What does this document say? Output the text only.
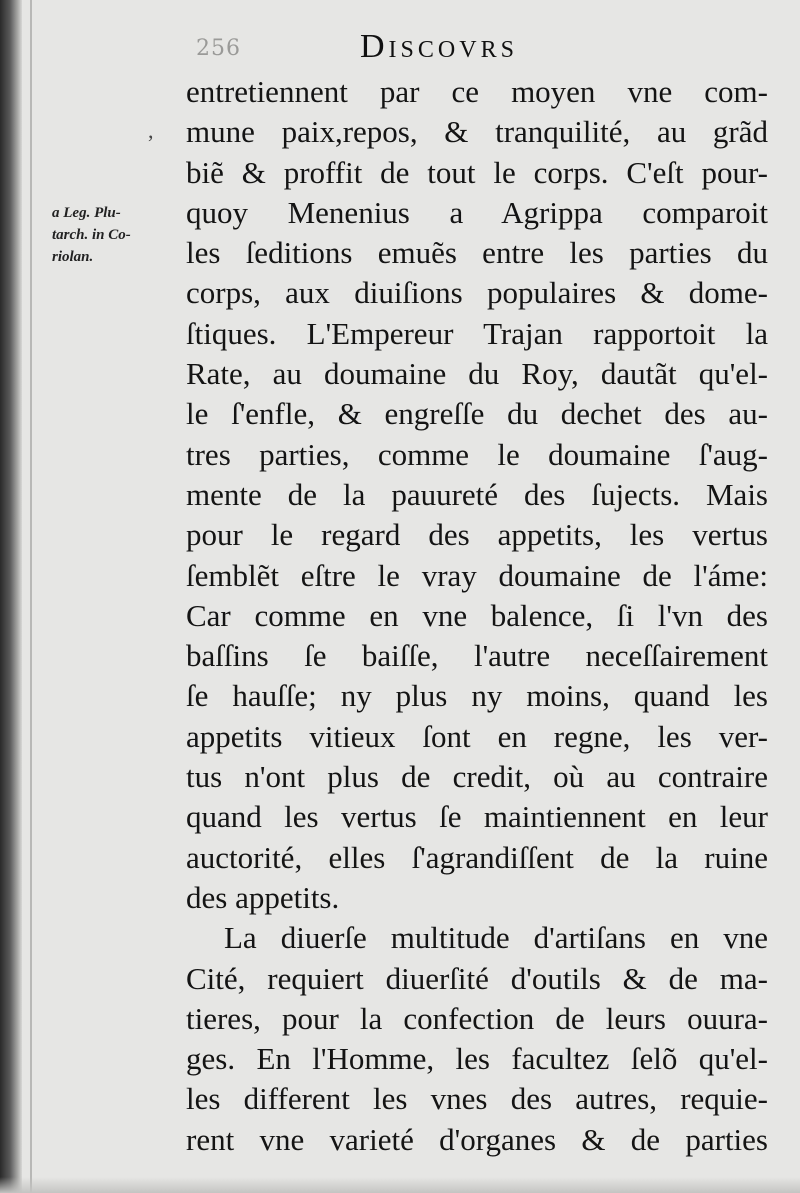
256	Discovrs
,
a Leg. Plu-
tarch. in Co-
riolan.
entretiennent par ce moyen vne com-
mune paix,repos, & tranquilité, au grãd
biẽ & proffit de tout le corps. C'eſt pour-
quoy Menenius a Agrippa comparoit
les ſeditions emuẽs entre les parties du
corps, aux diuiſions populaires & dome-
ſtiques. L'Empereur Trajan rapportoit la
Rate, au doumaine du Roy, dautãt qu'el-
le ſ'enfle, & engreſſe du dechet des au-
tres parties, comme le doumaine ſ'aug-
mente de la pauureté des ſujects. Mais
pour le regard des appetits, les vertus
ſemblẽt eſtre le vray doumaine de l'áme:
Car comme en vne balence, ſi l'vn des
baſſins ſe baiſſe, l'autre neceſſairement
ſe hauſſe; ny plus ny moins, quand les
appetits vitieux ſont en regne, les ver-
tus n'ont plus de credit, où au contraire
quand les vertus ſe maintiennent en leur
auctorité, elles ſ'agrandiſſent de la ruine
des appetits.
La diuerſe multitude d'artiſans en vne
Cité, requiert diuerſité d'outils & de ma-
tieres, pour la confection de leurs ouura-
ges. En l'Homme, les facultez ſelõ qu'el-
les different les vnes des autres, requie-
rent vne varieté d'organes & de parties
